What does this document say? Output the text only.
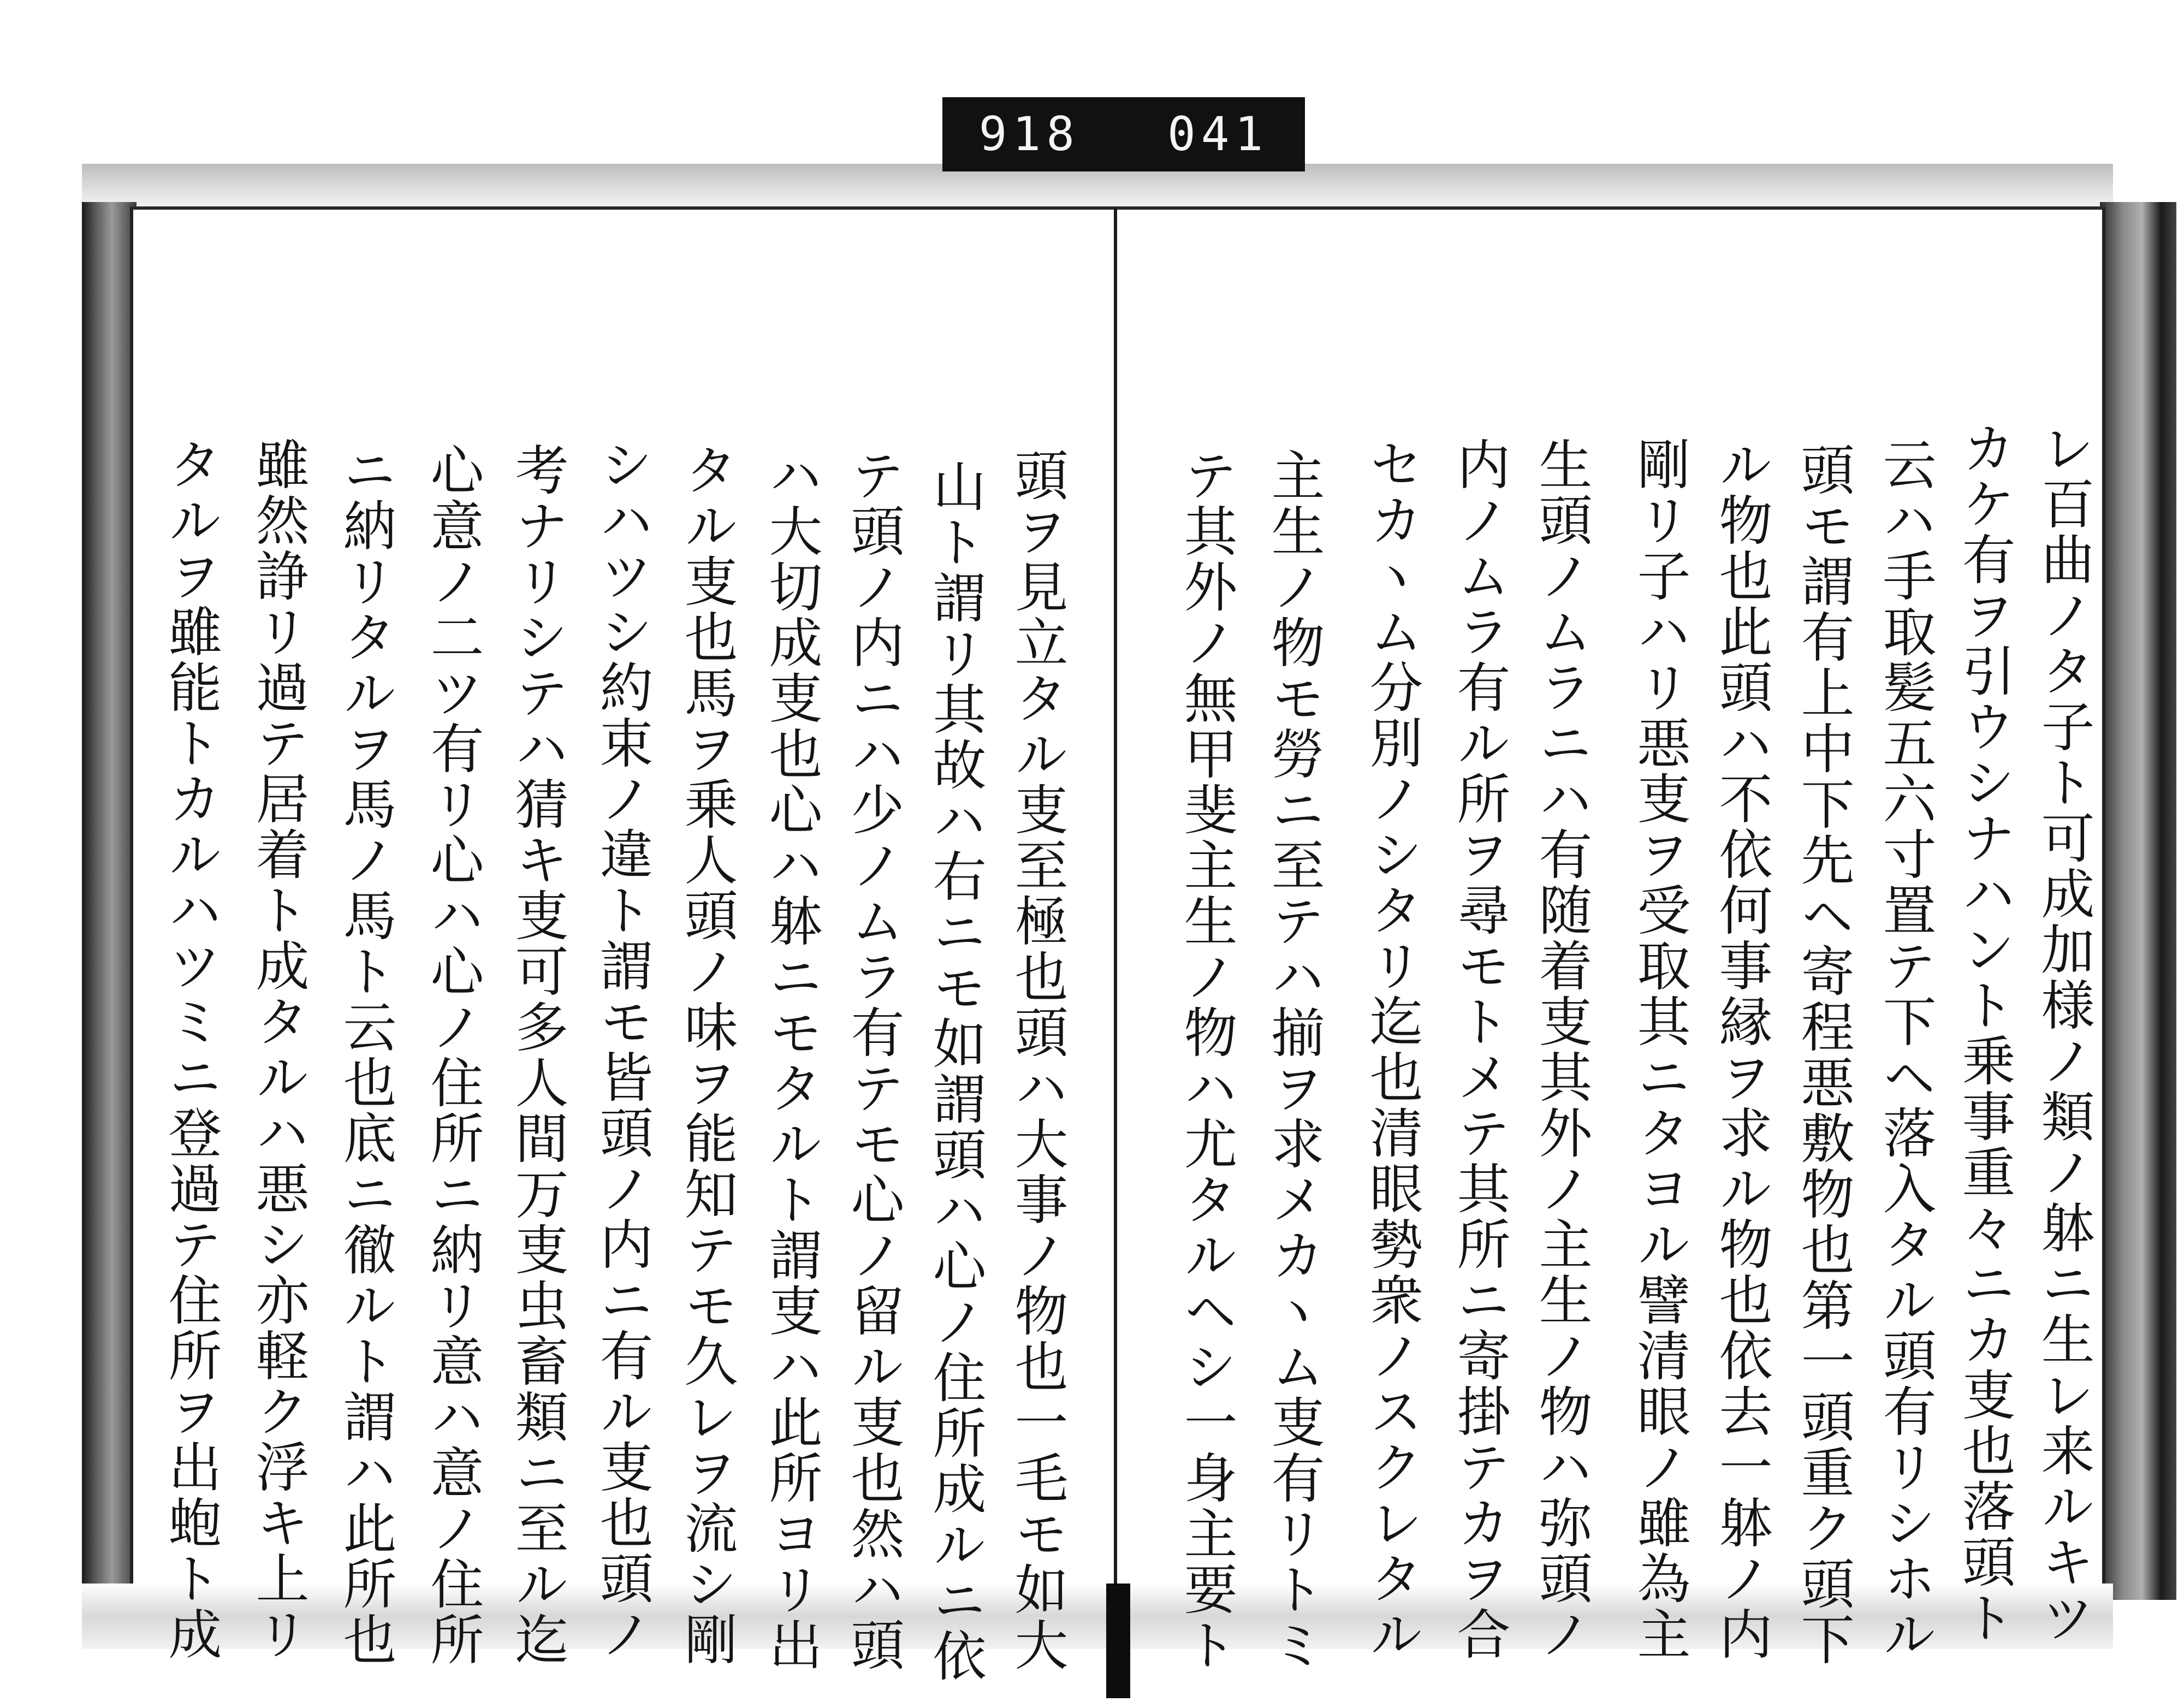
918 041
レ百曲ノタ子ト可成加様ノ類ノ躰ニ生レ来ルキツ
カケ有ヲ引ウシナハント乗事重々ニカ叓也落頭ト
云ハ手取髪五六寸置テ下ヘ落入タル頭有リシホル
頭モ謂有上中下先ヘ寄程悪敷物也第一頭重ク頭下
ル物也此頭ハ不依何事縁ヲ求ル物也依去一躰ノ内
剛リ子ハリ悪叓ヲ受取其ニタヨル譬清眼ノ雖為主
生頭ノムラニハ有随着叓其外ノ主生ノ物ハ弥頭ノ
内ノムラ有ル所ヲ尋モトメテ其所ニ寄掛テカヲ合
セカヽム分別ノシタリ迄也清眼勢衆ノスクレタル
主生ノ物モ勞ニ至テハ揃ヲ求メカヽム叓有リトミ
テ其外ノ無甲斐主生ノ物ハ尤タルヘシ一身主要ト
頭ヲ見立タル叓至極也頭ハ大事ノ物也一毛モ如大
山ト謂リ其故ハ右ニモ如謂頭ハ心ノ住所成ルニ依
テ頭ノ内ニハ少ノムラ有テモ心ノ留ル叓也然ハ頭
ハ大切成叓也心ハ躰ニモタルト謂叓ハ此所ヨリ出
タル叓也馬ヲ乗人頭ノ味ヲ能知テモ久レヲ流シ剛
シハツシ約束ノ違ト謂モ皆頭ノ内ニ有ル叓也頭ノ
考ナリシテハ猜キ叓可多人間万叓虫畜類ニ至ル迄
心意ノ二ツ有リ心ハ心ノ住所ニ納リ意ハ意ノ住所
ニ納リタルヲ馬ノ馬ト云也底ニ徹ルト謂ハ此所也
雖然諍リ過テ居着ト成タルハ悪シ亦軽ク浮キ上リ
タルヲ雖能トカルハツミニ登過テ住所ヲ出蚫ト成
